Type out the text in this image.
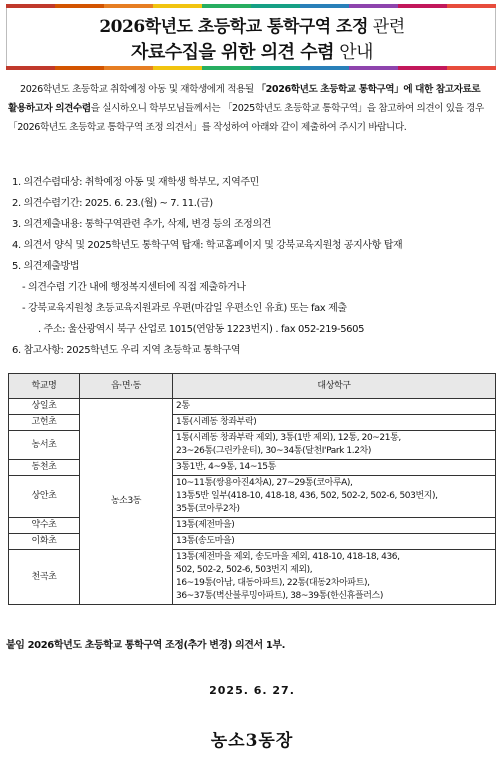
2026학년도 초등학교 통학구역 조정 관련
자료수집을 위한 의견 수렴 안내
2026학년도 초등학교 취학예정 아동 및 재학생에게 적용될 「2026학년도 초등학교 통학구역」에 대한 참고자료로 활용하고자 의견수렴을 실시하오니 학부모님들께서는 「2025학년도 초등학교 통학구역」을 참고하여 의견이 있을 경우 「2026학년도 초등학교 통학구역 조정 의견서」를 작성하여 아래와 같이 제출하여 주시기 바랍니다.
1. 의견수렴대상: 취학예정 아동 및 재학생 학부모, 지역주민
2. 의견수렴기간: 2025. 6. 23.(월) ~ 7. 11.(금)
3. 의견제출내용: 통학구역관련 추가, 삭제, 변경 등의 조정의견
4. 의견서 양식 및 2025학년도 통학구역 탑재: 학교홈페이지 및 강북교육지원청 공지사항 탑재
5. 의견제출방법
- 의견수렴 기간 내에 행정복지센터에 직접 제출하거나
- 강북교육지원청 초등교육지원과로 우편(마감일 우편소인 유효) 또는 fax 제출
. 주소: 울산광역시 북구 산업로 1015(연암동 1223번지) . fax 052-219-5605
6. 참고사항: 2025학년도 우리 지역 초등학교 통학구역
학교명	읍·면·동	대상학구
상일초	농소3동	2통
고헌초		1통(시례동 창좌부락)
농서초		1통(시례동 창좌부락 제외), 3통(1반 제외), 12통, 20~21통,
23~26통(그린카운티), 30~34통(달천I'Park 1.2차)
동천초		3통1반, 4~9통, 14~15통
상안초		10~11통(쌍용아진4차A), 27~29통(코아루A),
13통5반 일부(418-10, 418-18, 436, 502, 502-2, 502-6, 503번지),
35통(코아루2차)
약수초		13통(제전마을)
이화초		13통(송도마을)
천곡초		13통(제전마을 제외, 송도마을 제외, 418-10, 418-18, 436,
502, 502-2, 502-6, 503번지 제외),
16~19통(아남, 대동아파트), 22통(대동2차아파트),
36~37통(벽산블루밍아파트), 38~39통(한신휴플러스)
붙임 2026학년도 초등학교 통학구역 조정(추가 변경) 의견서 1부.
2025. 6. 27.
농소3동장
